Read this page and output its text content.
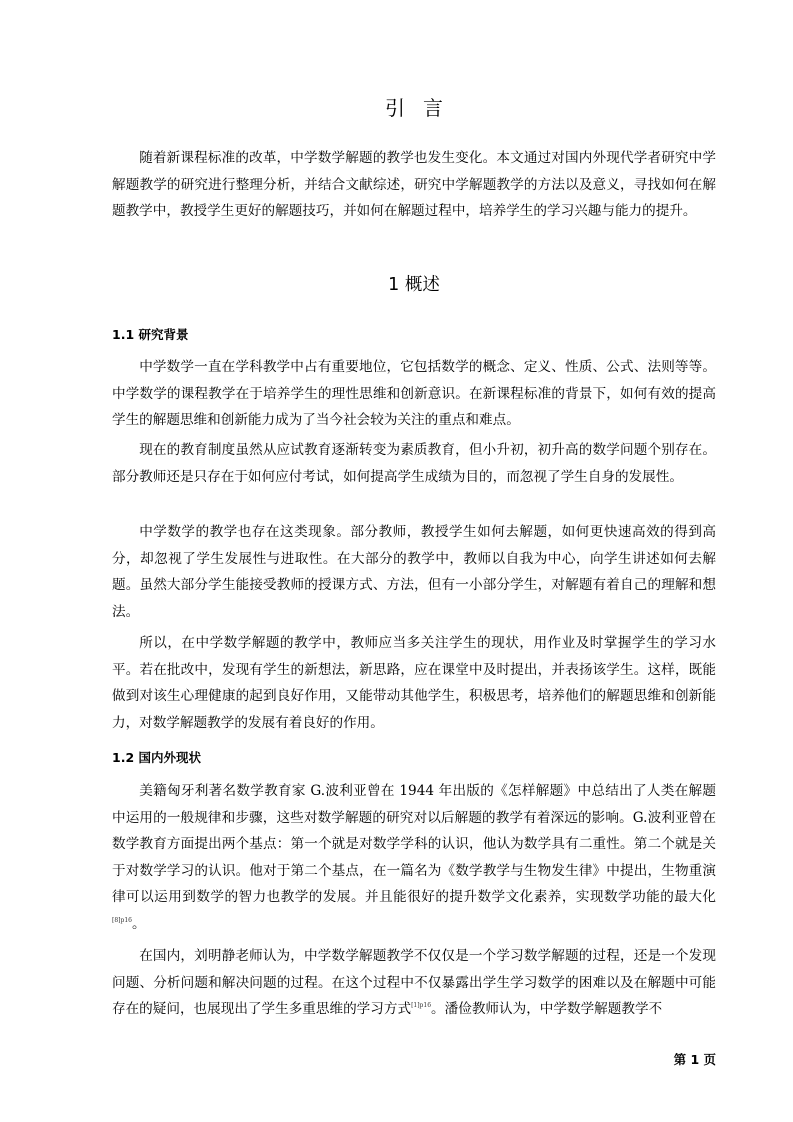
引言

随着新课程标准的改革，中学数学解题的教学也发生变化。本文通过对国内外现代学者研究中学解题教学的研究进行整理分析，并结合文献综述，研究中学解题教学的方法以及意义，寻找如何在解题教学中，教授学生更好的解题技巧，并如何在解题过程中，培养学生的学习兴趣与能力的提升。

1 概述
1.1 研究背景

中学数学一直在学科教学中占有重要地位，它包括数学的概念、定义、性质、公式、法则等等。中学数学的课程教学在于培养学生的理性思维和创新意识。在新课程标准的背景下，如何有效的提高学生的解题思维和创新能力成为了当今社会较为关注的重点和难点。

现在的教育制度虽然从应试教育逐渐转变为素质教育，但小升初，初升高的数学问题个别存在。部分教师还是只存在于如何应付考试，如何提高学生成绩为目的，而忽视了学生自身的发展性。

中学数学的教学也存在这类现象。部分教师，教授学生如何去解题，如何更快速高效的得到高分，却忽视了学生发展性与进取性。在大部分的教学中，教师以自我为中心，向学生讲述如何去解题。虽然大部分学生能接受教师的授课方式、方法，但有一小部分学生，对解题有着自己的理解和想法。

所以，在中学数学解题的教学中，教师应当多关注学生的现状，用作业及时掌握学生的学习水平。若在批改中，发现有学生的新想法，新思路，应在课堂中及时提出，并表扬该学生。这样，既能做到对该生心理健康的起到良好作用，又能带动其他学生，积极思考，培养他们的解题思维和创新能力，对数学解题教学的发展有着良好的作用。

1.2 国内外现状

美籍匈牙利著名数学教育家 G.波利亚曾在 1944 年出版的《怎样解题》中总结出了人类在解题中运用的一般规律和步骤，这些对数学解题的研究对以后解题的教学有着深远的影响。G.波利亚曾在数学教育方面提出两个基点：第一个就是对数学学科的认识，他认为数学具有二重性。第二个就是关于对数学学习的认识。他对于第二个基点，在一篇名为《数学教学与生物发生律》中提出，生物重演律可以运用到数学的智力也教学的发展。并且能很好的提升数学文化素养，实现数学功能的最大化$^{[8]p16}$。

在国内，刘明静老师认为，中学数学解题教学不仅仅是一个学习数学解题的过程，还是一个发现问题、分析问题和解决问题的过程。在这个过程中不仅暴露出学生学习数学的困难以及在解题中可能存在的疑问，也展现出了学生多重思维的学习方式$^{[1]p16}$。潘俭教师认为，中学数学解题教学不

第 1 页
